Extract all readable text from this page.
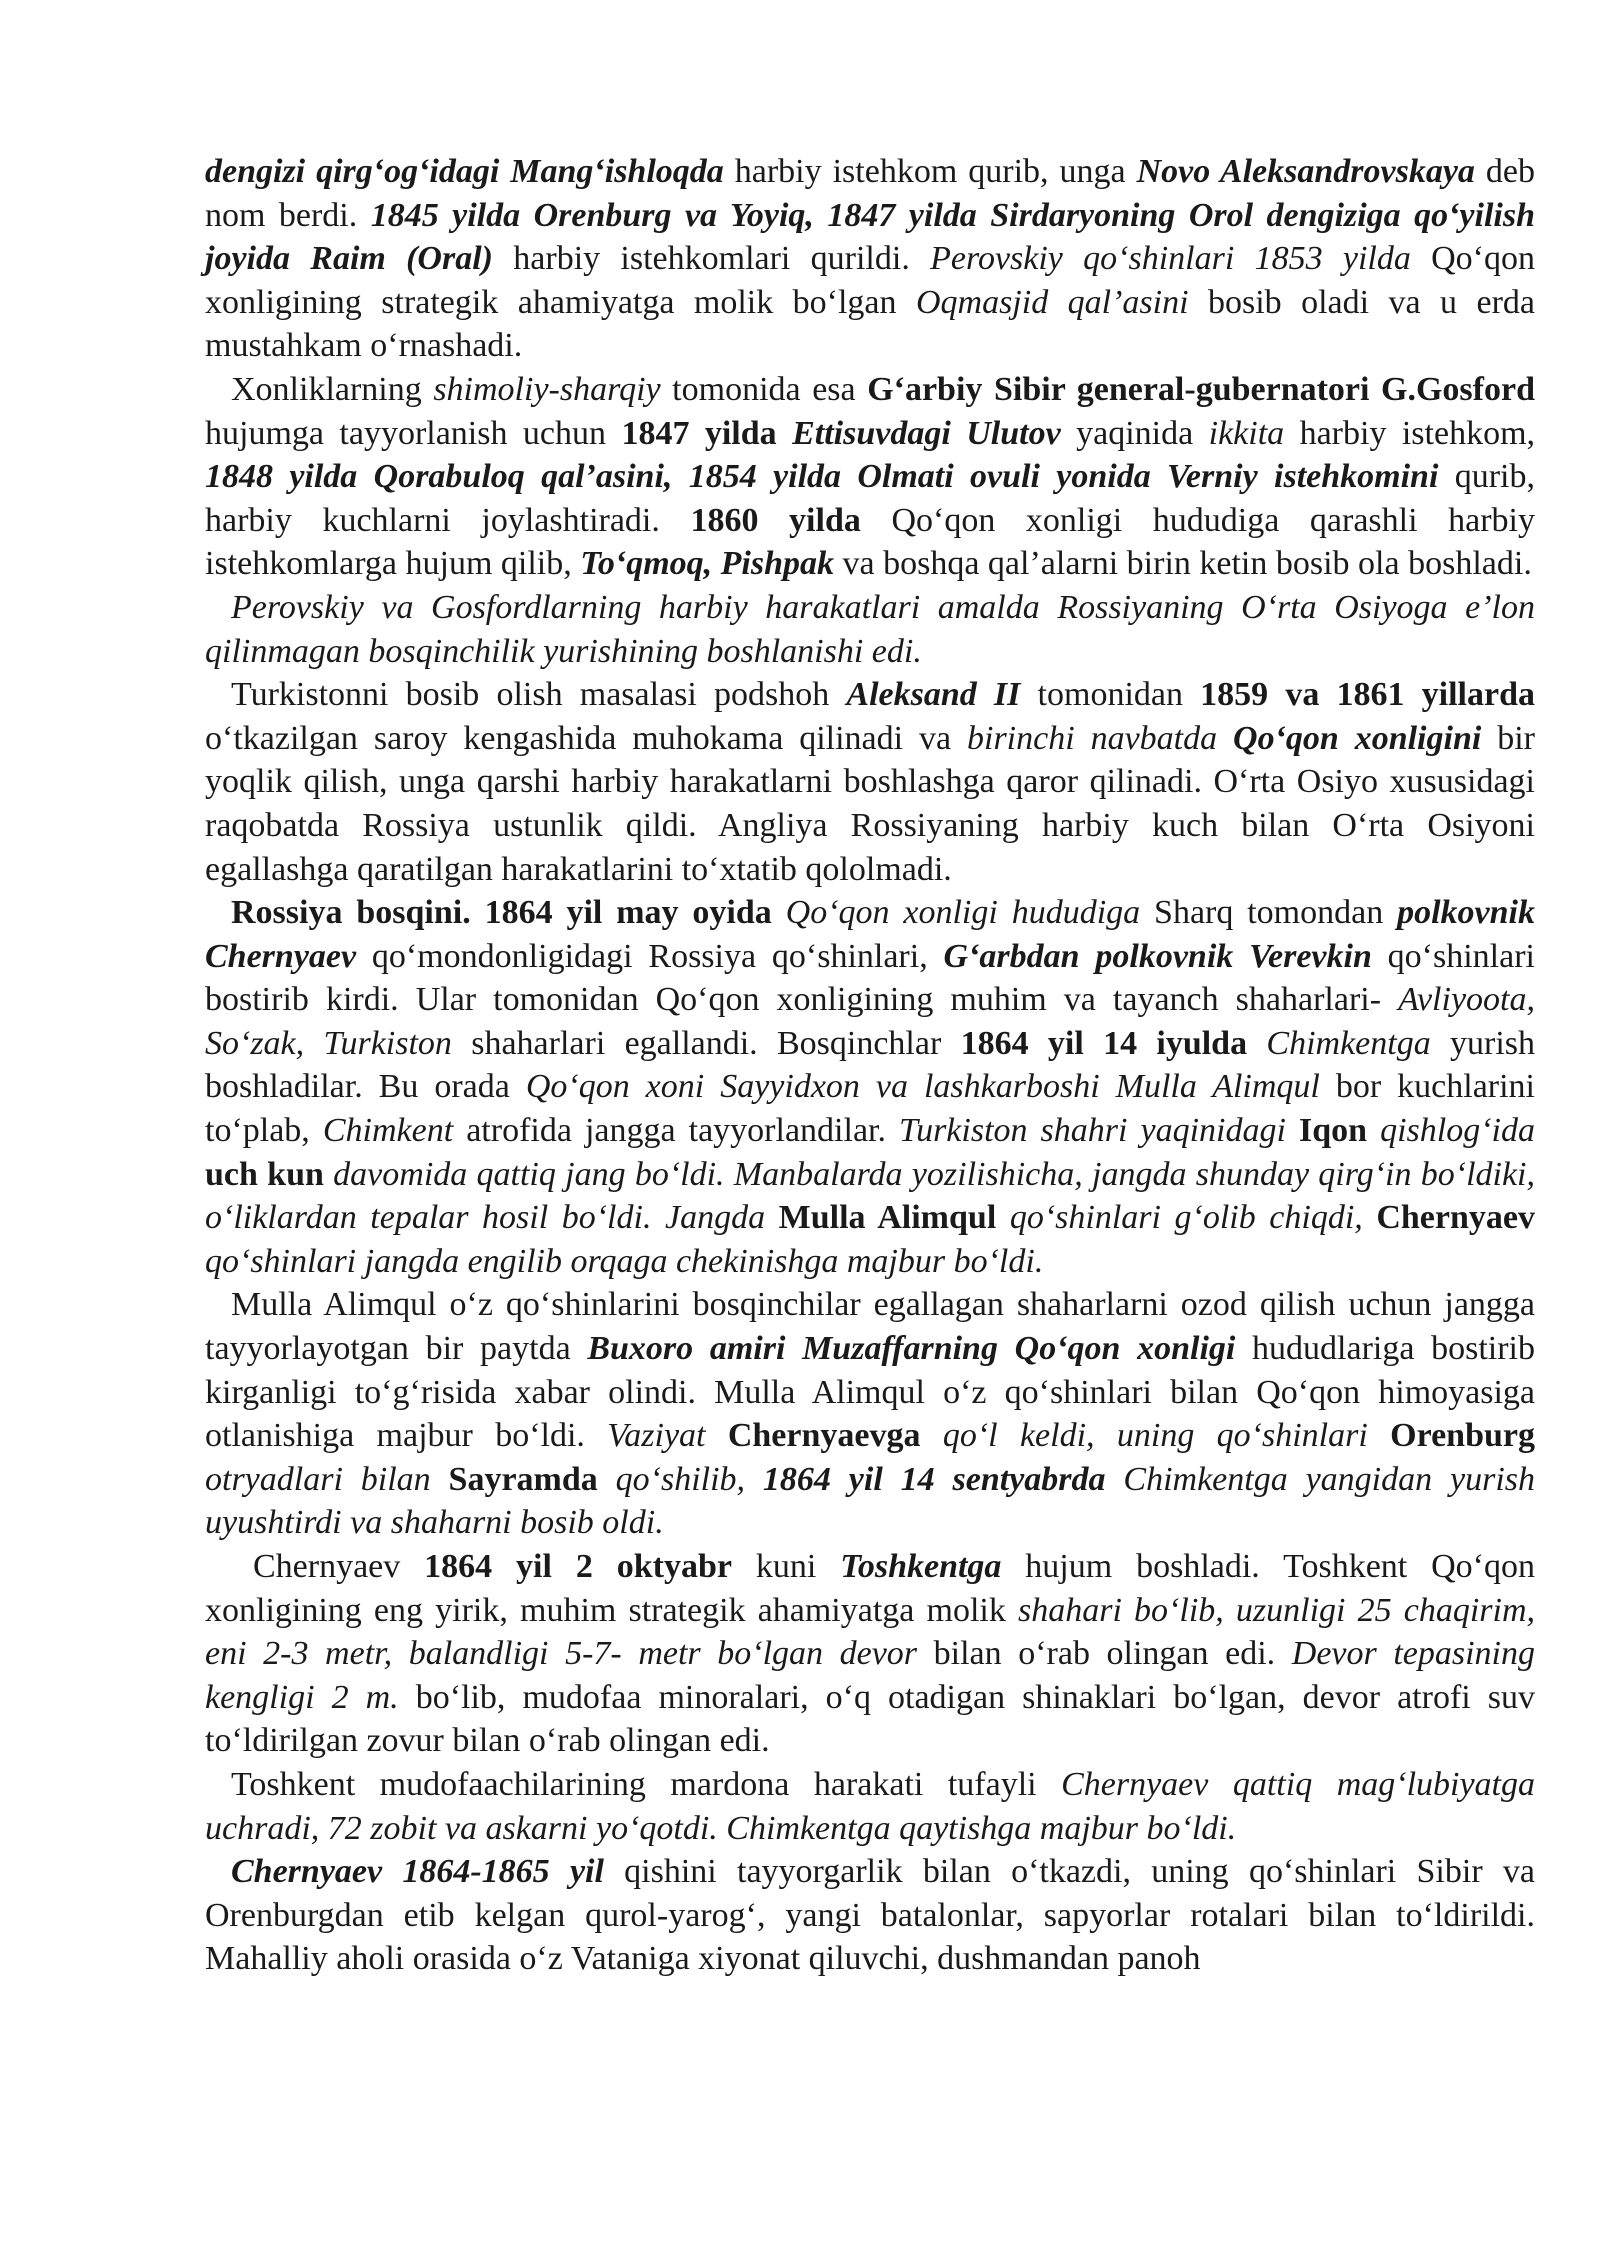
dengizi qirg‘og‘idagi Mang‘ishloqda harbiy istehkom qurib, unga Novo Aleksandrovskaya deb nom berdi. 1845 yilda Orenburg va Yoyiq, 1847 yilda Sirdaryoning Orol dengiziga qo‘yilish joyida Raim (Oral) harbiy istehkomlari qurildi. Perovskiy qo‘shinlari 1853 yilda Qo‘qon xonligining strategik ahamiyatga molik bo‘lgan Oqmasjid qal’asini bosib oladi va u erda mustahkam o‘rnashadi.

Xonliklarning shimoliy-sharqiy tomonida esa G‘arbiy Sibir general-gubernatori G.Gosford hujumga tayyorlanish uchun 1847 yilda Ettisuvdagi Ulutov yaqinida ikkita harbiy istehkom, 1848 yilda Qorabuloq qal’asini, 1854 yilda Olmati ovuli yonida Verniy istehkomini qurib, harbiy kuchlarni joylashtiradi. 1860 yilda Qo‘qon xonligi hududiga qarashli harbiy istehkomlarga hujum qilib, To‘qmoq, Pishpak va boshqa qal’alarni birin ketin bosib ola boshladi.

Perovskiy va Gosfordlarning harbiy harakatlari amalda Rossiyaning O‘rta Osiyoga e’lon qilinmagan bosqinchilik yurishining boshlanishi edi.

Turkistonni bosib olish masalasi podshoh Aleksand II tomonidan 1859 va 1861 yillarda o‘tkazilgan saroy kengashida muhokama qilinadi va birinchi navbatda Qo‘qon xonligini bir yoqlik qilish, unga qarshi harbiy harakatlarni boshlashga qaror qilinadi. O‘rta Osiyo xususidagi raqobatda Rossiya ustunlik qildi. Angliya Rossiyaning harbiy kuch bilan O‘rta Osiyoni egallashga qaratilgan harakatlarini to‘xtatib qololmadi.

Rossiya bosqini. 1864 yil may oyida Qo‘qon xonligi hududiga Sharq tomondan polkovnik Chernyaev qo‘mondonligidagi Rossiya qo‘shinlari, G‘arbdan polkovnik Verevkin qo‘shinlari bostirib kirdi. Ular tomonidan Qo‘qon xonligining muhim va tayanch shaharlari- Avliyoota, So‘zak, Turkiston shaharlari egallandi. Bosqinchlar 1864 yil 14 iyulda Chimkentga yurish boshladilar. Bu orada Qo‘qon xoni Sayyidxon va lashkarboshi Mulla Alimqul bor kuchlarini to‘plab, Chimkent atrofida jangga tayyorlandilar. Turkiston shahri yaqinidagi Iqon qishlog‘ida uch kun davomida qattiq jang bo‘ldi. Manbalarda yozilishicha, jangda shunday qirg‘in bo‘ldiki, o‘liklardan tepalar hosil bo‘ldi. Jangda Mulla Alimqul qo‘shinlari g‘olib chiqdi, Chernyaev qo‘shinlari jangda engilib orqaga chekinishga majbur bo‘ldi.

Mulla Alimqul o‘z qo‘shinlarini bosqinchilar egallagan shaharlarni ozod qilish uchun jangga tayyorlayotgan bir paytda Buxoro amiri Muzaffarning Qo‘qon xonligi hududlariga bostirib kirganligi to‘g‘risida xabar olindi. Mulla Alimqul o‘z qo‘shinlari bilan Qo‘qon himoyasiga otlanishiga majbur bo‘ldi. Vaziyat Chernyaevga qo‘l keldi, uning qo‘shinlari Orenburg otryadlari bilan Sayramda qo‘shilib, 1864 yil 14 sentyabrda Chimkentga yangidan yurish uyushtirdi va shaharni bosib oldi.

Chernyaev 1864 yil 2 oktyabr kuni Toshkentga hujum boshladi. Toshkent Qo‘qon xonligining eng yirik, muhim strategik ahamiyatga molik shahari bo‘lib, uzunligi 25 chaqirim, eni 2-3 metr, balandligi 5-7- metr bo‘lgan devor bilan o‘rab olingan edi. Devor tepasining kengligi 2 m. bo‘lib, mudofaa minoralari, o‘q otadigan shinaklari bo‘lgan, devor atrofi suv to‘ldirilgan zovur bilan o‘rab olingan edi.

Toshkent mudofaachilarining mardona harakati tufayli Chernyaev qattiq mag‘lubiyatga uchradi, 72 zobit va askarni yo‘qotdi. Chimkentga qaytishga majbur bo‘ldi.

Chernyaev 1864-1865 yil qishini tayyorgarlik bilan o‘tkazdi, uning qo‘shinlari Sibir va Orenburgdan etib kelgan qurol-yarog‘, yangi batalonlar, sapyorlar rotalari bilan to‘ldirildi. Mahalliy aholi orasida o‘z Vataniga xiyonat qiluvchi, dushmandan panoh
